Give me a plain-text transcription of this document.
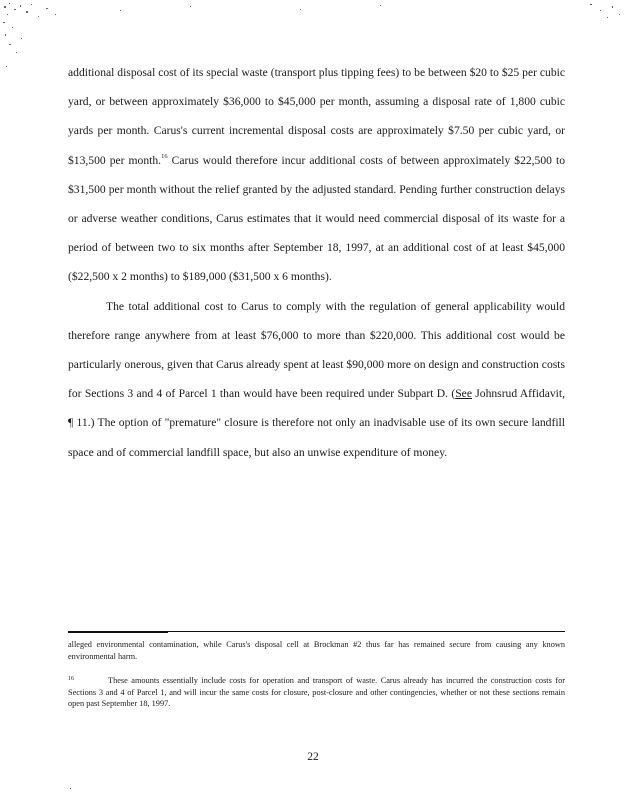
additional disposal cost of its special waste (transport plus tipping fees) to be between $20 to $25 per cubic yard, or between approximately $36,000 to $45,000 per month, assuming a disposal rate of 1,800 cubic yards per month. Carus's current incremental disposal costs are approximately $7.50 per cubic yard, or $13,500 per month.$^{16}$ Carus would therefore incur additional costs of between approximately $22,500 to $31,500 per month without the relief granted by the adjusted standard. Pending further construction delays or adverse weather conditions, Carus estimates that it would need commercial disposal of its waste for a period of between two to six months after September 18, 1997, at an additional cost of at least $45,000 ($22,500 x 2 months) to $189,000 ($31,500 x 6 months).

The total additional cost to Carus to comply with the regulation of general applicability would therefore range anywhere from at least $76,000 to more than $220,000. This additional cost would be particularly onerous, given that Carus already spent at least $90,000 more on design and construction costs for Sections 3 and 4 of Parcel 1 than would have been required under Subpart D. (See Johnsrud Affidavit, ¶ 11.) The option of "premature" closure is therefore not only an inadvisable use of its own secure landfill space and of commercial landfill space, but also an unwise expenditure of money.

alleged environmental contamination, while Carus's disposal cell at Brockman #2 thus far has remained secure from causing any known environmental harm.

16	These amounts essentially include costs for operation and transport of waste. Carus already has incurred the construction costs for Sections 3 and 4 of Parcel 1, and will incur the same costs for closure, post-closure and other contingencies, whether or not these sections remain open past September 18, 1997.

22
